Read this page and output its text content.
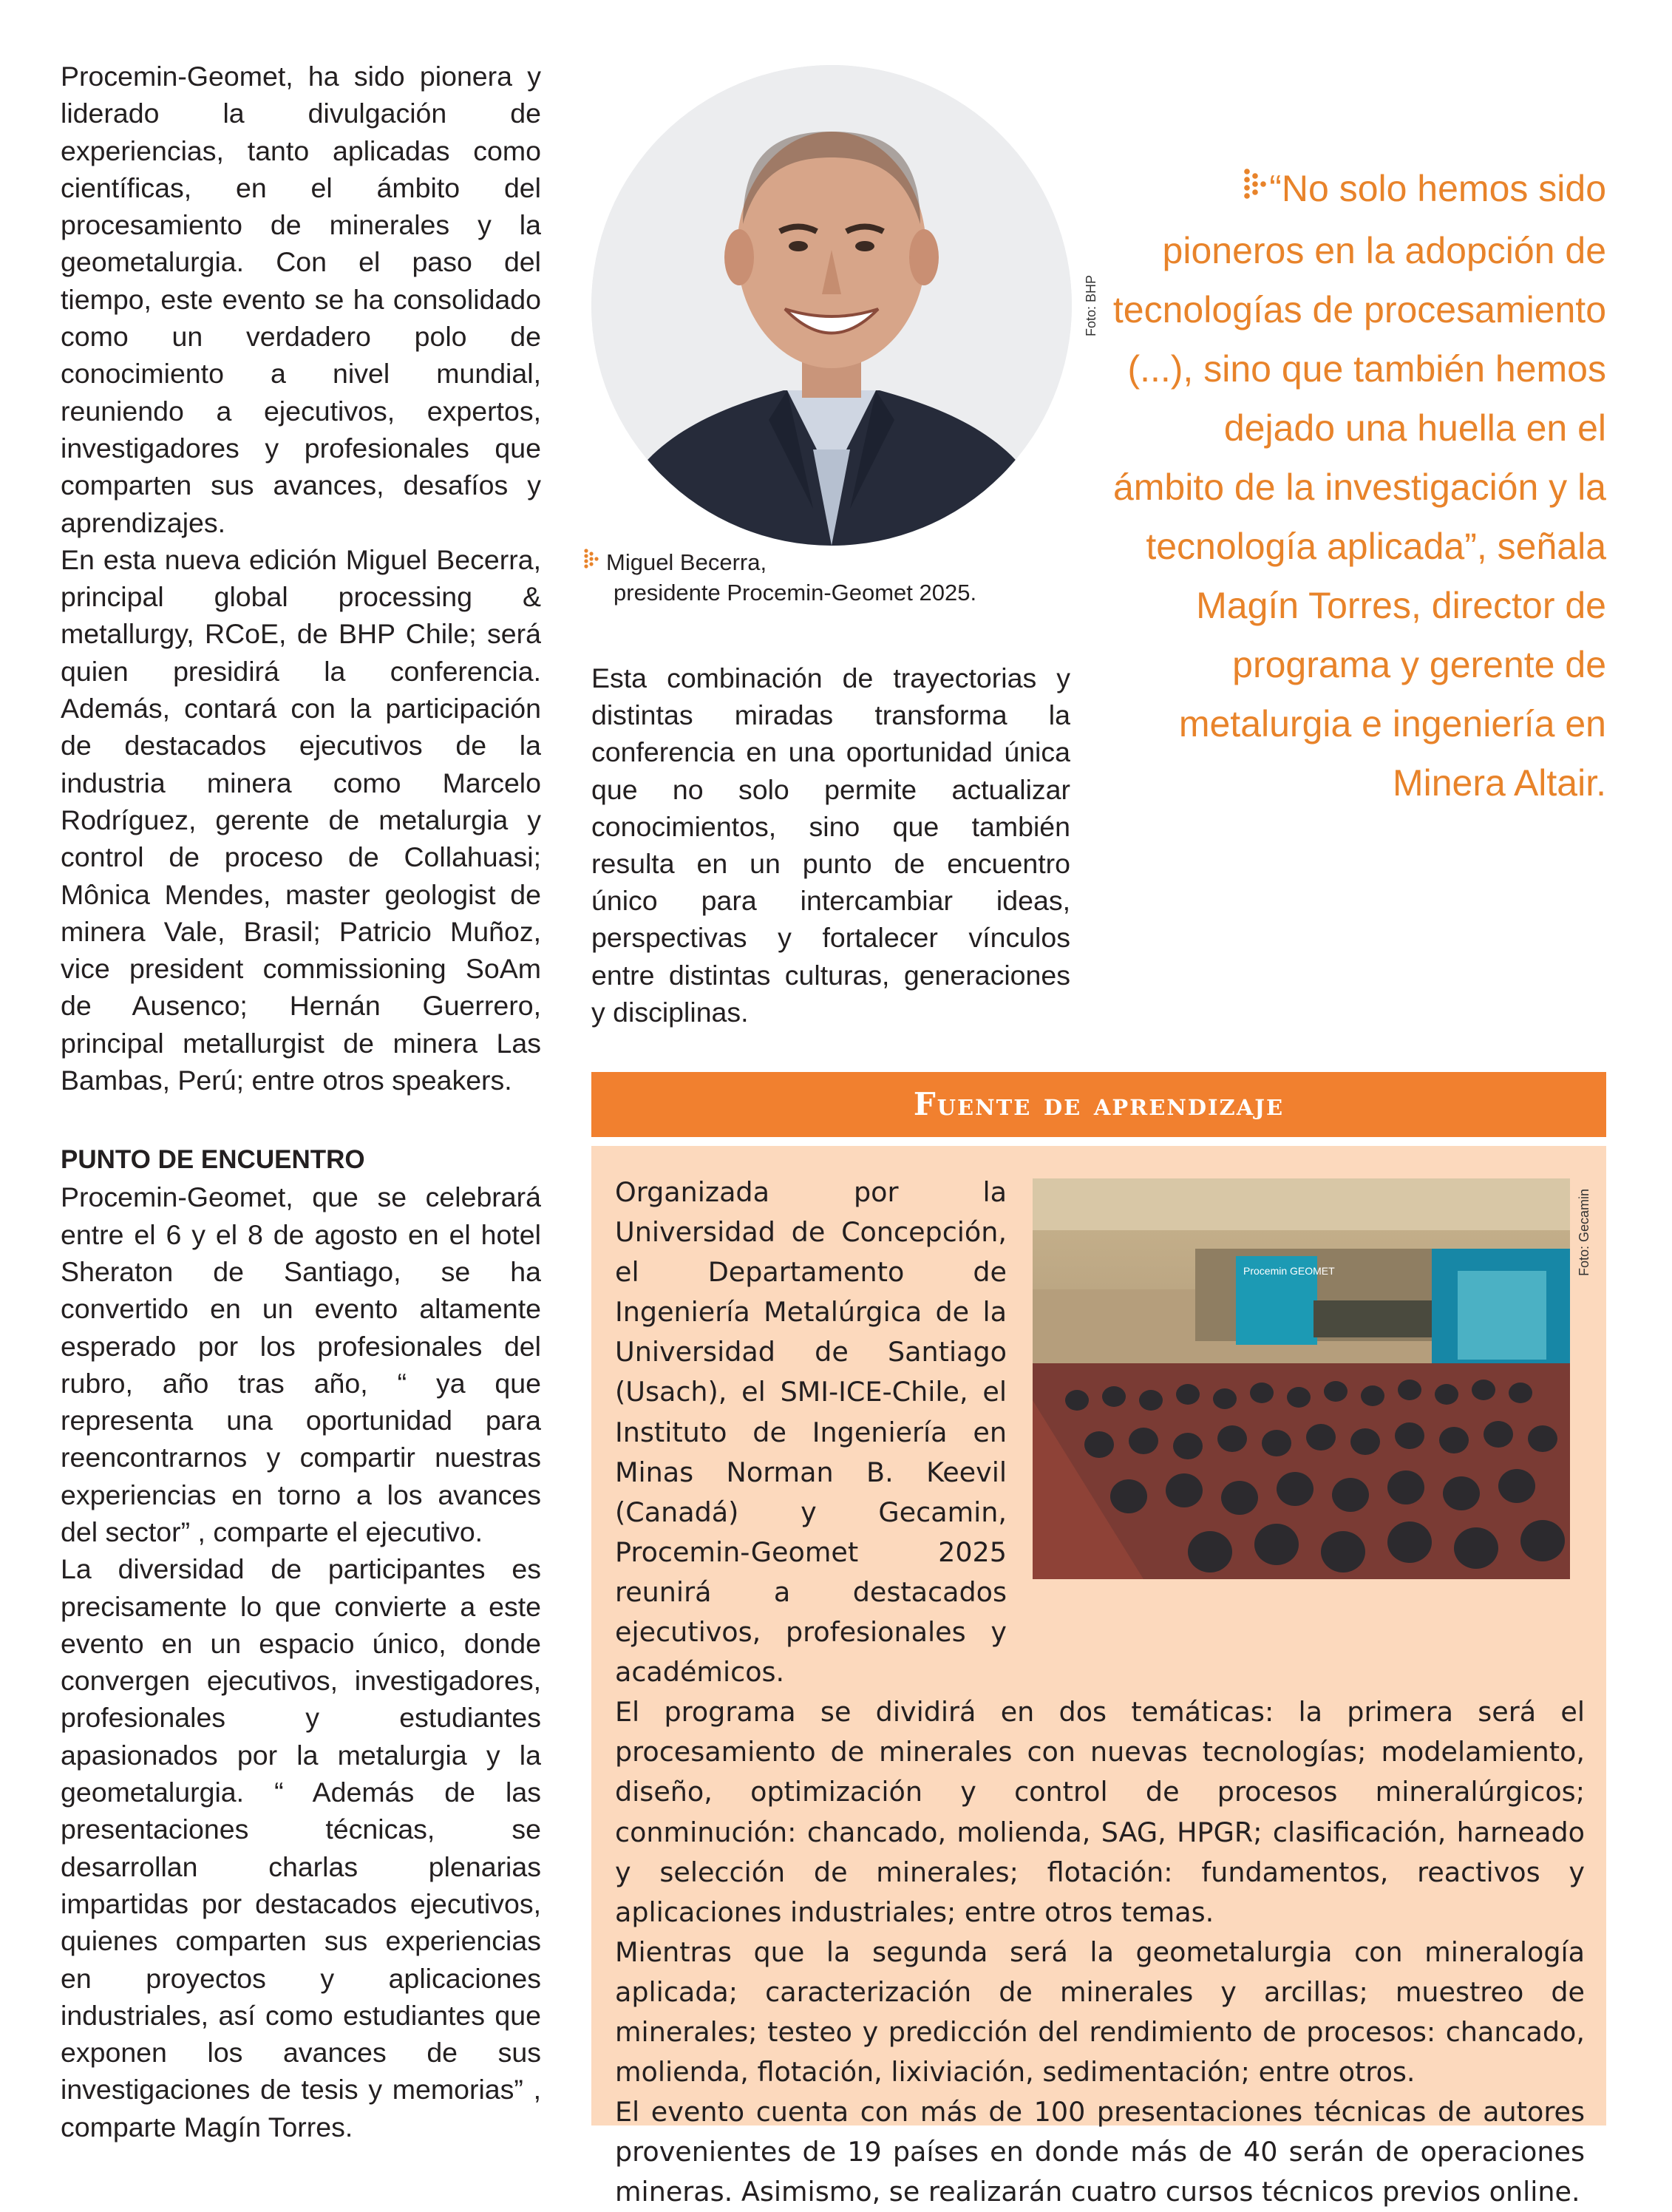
Procemin-Geomet, ha sido pionera y liderado la divulgación de experiencias, tanto aplicadas como científicas, en el ámbito del procesamiento de minerales y la geometalurgia. Con el paso del tiempo, este evento se ha consolidado como un verdadero polo de conocimiento a nivel mundial, reuniendo a ejecutivos, expertos, investigadores y profesionales que comparten sus avances, desafíos y aprendizajes.

En esta nueva edición Miguel Becerra, principal global processing & metallurgy, RCoE, de BHP Chile; será quien presidirá la conferencia. Además, contará con la participación de destacados ejecutivos de la industria minera como Marcelo Rodríguez, gerente de metalurgia y control de proceso de Collahuasi; Mônica Mendes, master geologist de minera Vale, Brasil; Patricio Muñoz, vice president commissioning SoAm de Ausenco; Hernán Guerrero, principal metallurgist de minera Las Bambas, Perú; entre otros speakers.

PUNTO DE ENCUENTRO

Procemin-Geomet, que se celebrará entre el 6 y el 8 de agosto en el hotel Sheraton de Santiago, se ha convertido en un evento altamente esperado por los profesionales del rubro, año tras año, “ ya que representa una oportunidad para reencontrarnos y compartir nuestras experiencias en torno a los avances del sector” , comparte el ejecutivo.

La diversidad de participantes es precisamente lo que convierte a este evento en un espacio único, donde convergen ejecutivos, investigadores, profesionales y estudiantes apasionados por la metalurgia y la geometalurgia. “ Además de las presentaciones técnicas, se desarrollan charlas plenarias impartidas por destacados ejecutivos, quienes comparten sus experiencias en proyectos y aplicaciones industriales, así como estudiantes que exponen los avances de sus investigaciones de tesis y memorias” , comparte Magín Torres.

Foto: BHP
Miguel Becerra,
presidente Procemin-Geomet 2025.
Esta combinación de trayectorias y distintas miradas transforma la conferencia en una oportunidad única que no solo permite actualizar conocimientos, sino que también resulta en un punto de encuentro único para intercambiar ideas, perspectivas y fortalecer vínculos entre distintas culturas, generaciones y disciplinas.
“No solo hemos sido pioneros en la adopción de tecnologías de procesamiento (...), sino que también hemos dejado una huella en el ámbito de la investigación y la tecnología aplicada”, señala Magín Torres, director de programa y gerente de metalurgia e ingeniería en Minera Altair.
Fuente de aprendizaje
Procemin GEOMET	Foto: Gecamin
Organizada por la Universidad de Concepción, el Departamento de Ingeniería Metalúrgica de la Universidad de Santiago (Usach), el SMI-ICE-Chile, el Instituto de Ingeniería en Minas Norman B. Keevil (Canadá) y Gecamin, Procemin-Geomet 2025 reunirá a destacados ejecutivos, profesionales y académicos.

El programa se dividirá en dos temáticas: la primera será el procesamiento de minerales con nuevas tecnologías; modelamiento, diseño, optimización y control de procesos mineralúrgicos; conminución: chancado, molienda, SAG, HPGR; clasificación, harneado y selección de minerales; flotación: fundamentos, reactivos y aplicaciones industriales; entre otros temas.

Mientras que la segunda será la geometalurgia con mineralogía aplicada; caracterización de minerales y arcillas; muestreo de minerales; testeo y predicción del rendimiento de procesos: chancado, molienda, flotación, lixiviación, sedimentación; entre otros.

El evento cuenta con más de 100 presentaciones técnicas de autores provenientes de 19 países en donde más de 40 serán de operaciones mineras. Asimismo, se realizarán cuatro cursos técnicos previos online.
